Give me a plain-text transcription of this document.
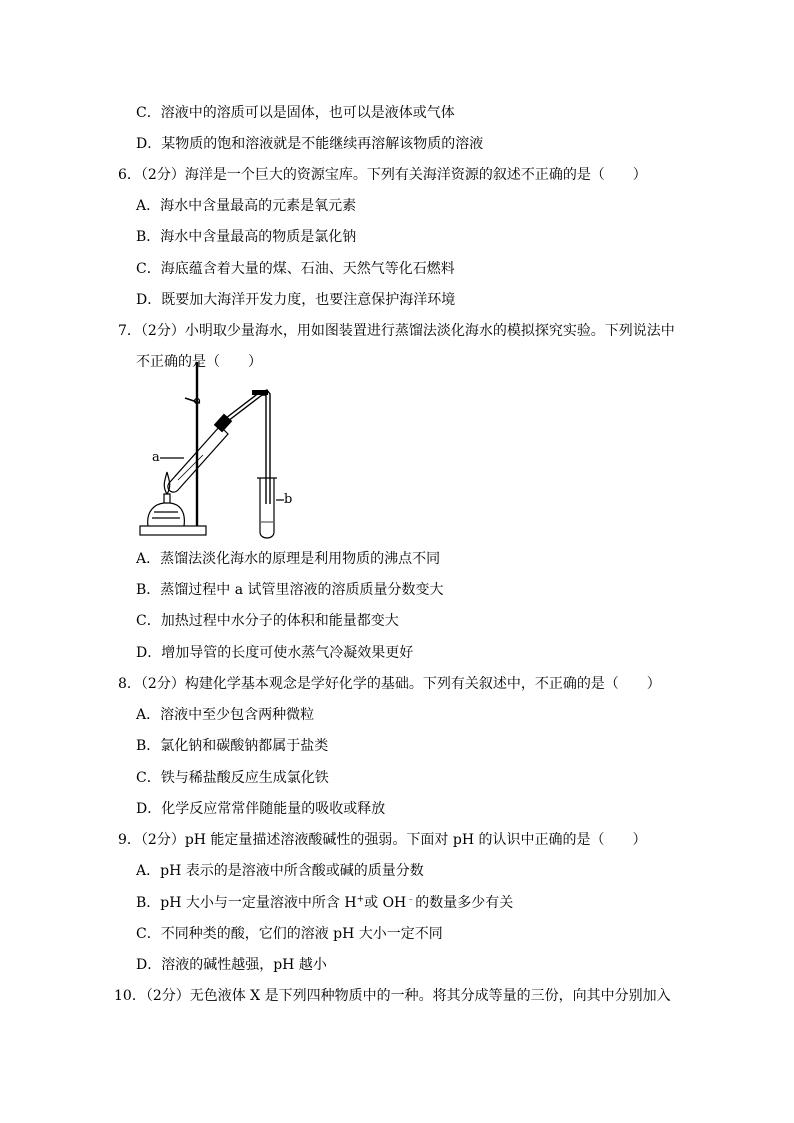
C．溶液中的溶质可以是固体，也可以是液体或气体
D．某物质的饱和溶液就是不能继续再溶解该物质的溶液
6．（2分）海洋是一个巨大的资源宝库。下列有关海洋资源的叙述不正确的是（　　）
A．海水中含量最高的元素是氧元素
B．海水中含量最高的物质是氯化钠
C．海底蕴含着大量的煤、石油、天然气等化石燃料
D．既要加大海洋开发力度，也要注意保护海洋环境
7．（2分）小明取少量海水，用如图装置进行蒸馏法淡化海水的模拟探究实验。下列说法中
不正确的是（　　）
a
b
A．蒸馏法淡化海水的原理是利用物质的沸点不同
B．蒸馏过程中 a 试管里溶液的溶质质量分数变大
C．加热过程中水分子的体积和能量都变大
D．增加导管的长度可使水蒸气冷凝效果更好
8．（2分）构建化学基本观念是学好化学的基础。下列有关叙述中，不正确的是（　　）
A．溶液中至少包含两种微粒
B．氯化钠和碳酸钠都属于盐类
C．铁与稀盐酸反应生成氯化铁
D．化学反应常常伴随能量的吸收或释放
9．（2分）pH 能定量描述溶液酸碱性的强弱。下面对 pH 的认识中正确的是（　　）
A．pH 表示的是溶液中所含酸或碱的质量分数
B．pH 大小与一定量溶液中所含 H+或 OH﹣的数量多少有关
C．不同种类的酸，它们的溶液 pH 大小一定不同
D．溶液的碱性越强，pH 越小
10．（2分）无色液体 X 是下列四种物质中的一种。将其分成等量的三份，向其中分别加入
